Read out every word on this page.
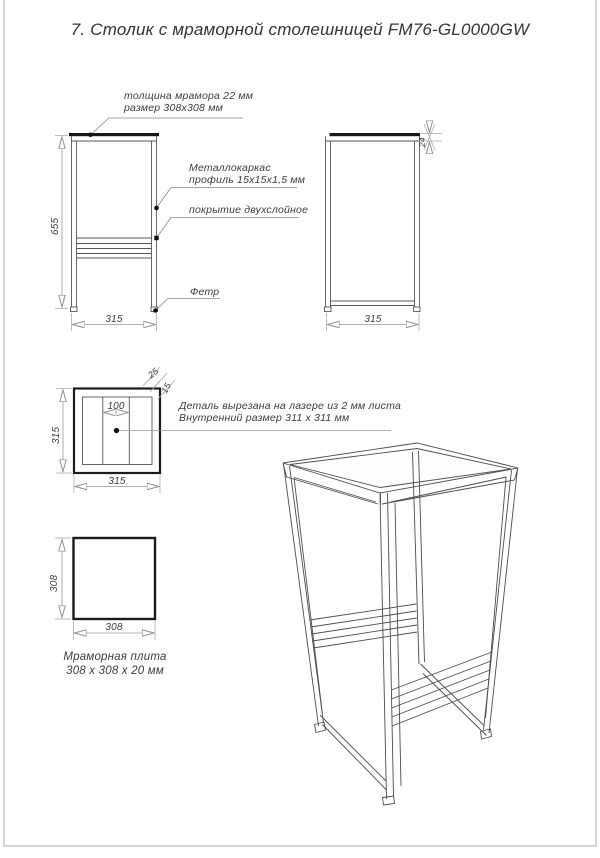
7. Столик с мраморной столешницей FM76-GL0000GW
толщина мрамора 22 мм
размер 308x308 мм
Металлокаркас
профиль 15х15х1,5 мм
покрытие двухслойное
Фетр
655
315
24
315
100
315
315
25
15
Деталь вырезана на лазере из 2 мм листа
Внутренний размер 311 х 311 мм
308
308
Мраморная плита
308 х 308 х 20 мм
